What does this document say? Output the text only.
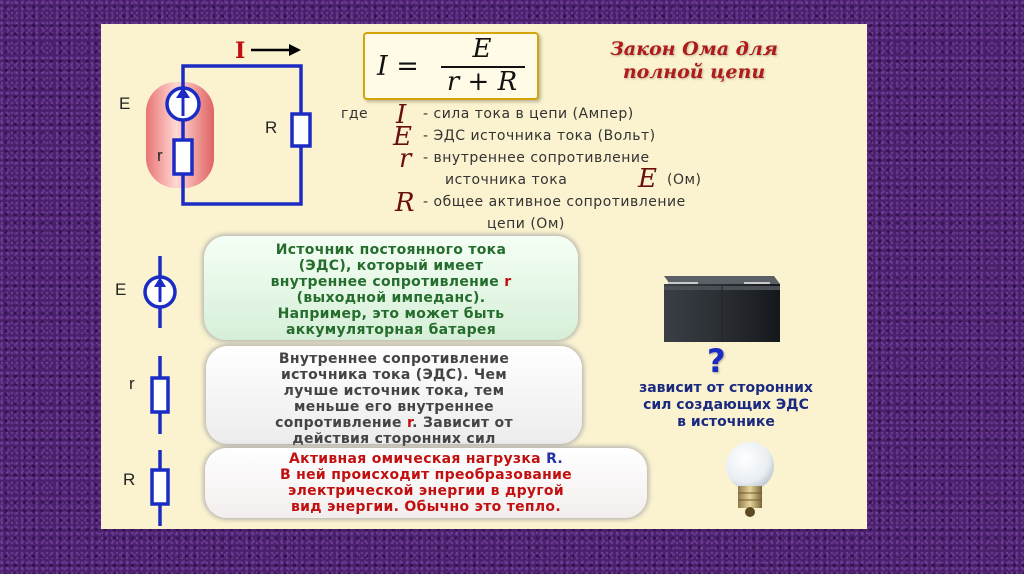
I
E
r
R
I =
E
r + R
Закон Ома для
полной цепи
где I - сила тока в цепи (Ампер)
E - ЭДС источника тока (Вольт)
r - внутреннее сопротивление
источника тока	E (Ом)
R - общее активное сопротивление
цепи (Ом)
E
Источник постоянного тока
(ЭДС), который имеет
внутреннее сопротивление r
(выходной импеданс).
Например, это может быть
аккумуляторная батарея
r
Внутреннее сопротивление
источника тока (ЭДС). Чем
лучше источник тока, тем
меньше его внутреннее
сопротивление r. Зависит от
действия сторонних сил
?
зависит от сторонних
сил создающих ЭДС
в источнике
R
Активная омическая нагрузка R.
В ней происходит преобразование
электрической энергии в другой
вид энергии. Обычно это тепло.
